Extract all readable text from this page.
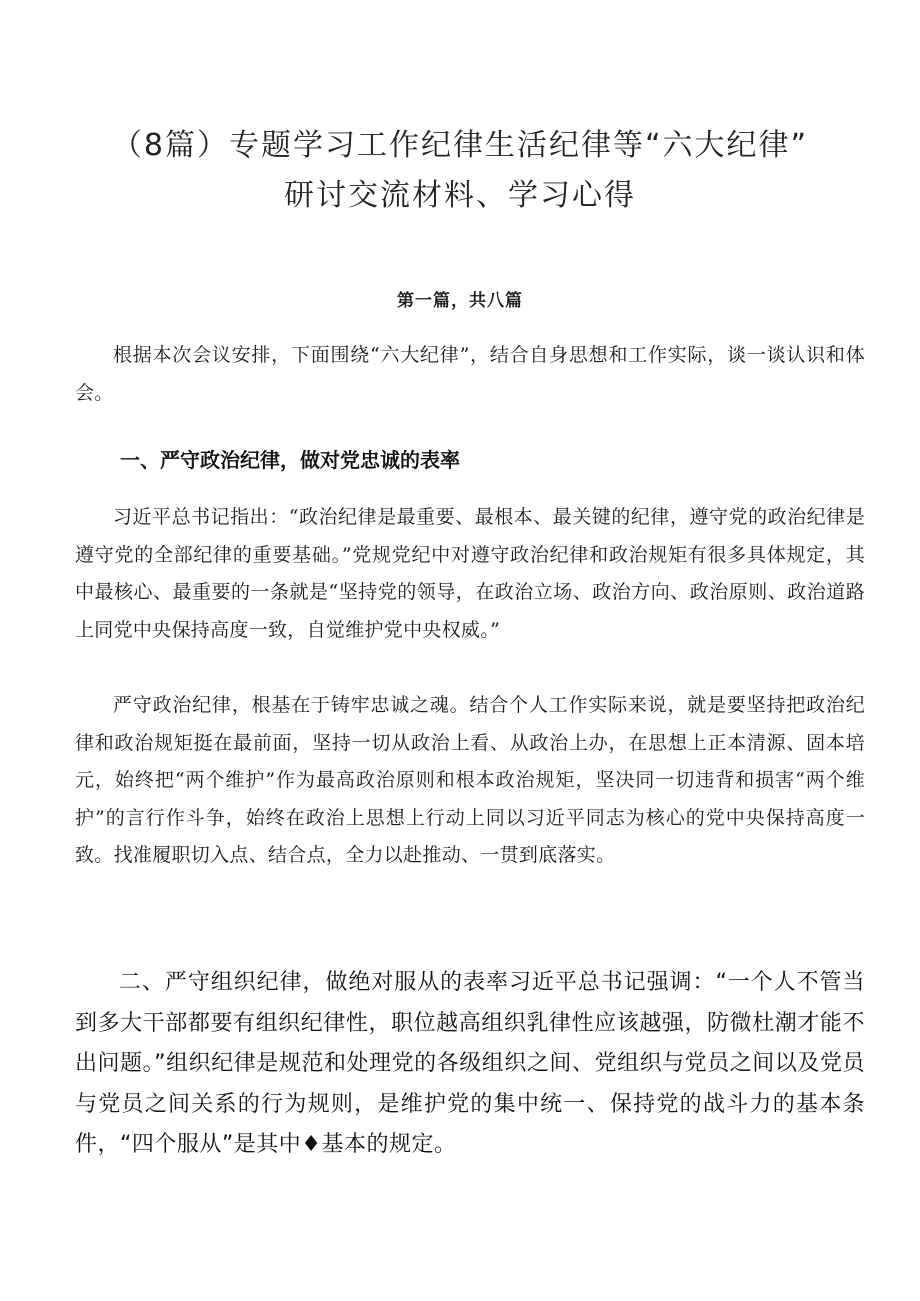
（8篇）专题学习工作纪律生活纪律等“六大纪律”
研讨交流材料、学习心得
第一篇，共八篇

根据本次会议安排，下面围绕“六大纪律”，结合自身思想和工作实际，谈一谈认识和体会。

一、严守政治纪律，做对党忠诚的表率

习近平总书记指出：“政治纪律是最重要、最根本、最关键的纪律，遵守党的政治纪律是遵守党的全部纪律的重要基础。”党规党纪中对遵守政治纪律和政治规矩有很多具体规定，其中最核心、最重要的一条就是“坚持党的领导，在政治立场、政治方向、政治原则、政治道路上同党中央保持高度一致，自觉维护党中央权威。”

严守政治纪律，根基在于铸牢忠诚之魂。结合个人工作实际来说，就是要坚持把政治纪律和政治规矩挺在最前面，坚持一切从政治上看、从政治上办，在思想上正本清源、固本培元，始终把“两个维护”作为最高政治原则和根本政治规矩，坚决同一切违背和损害“两个维护”的言行作斗争，始终在政治上思想上行动上同以习近平同志为核心的党中央保持高度一致。找准履职切入点、结合点，全力以赴推动、一贯到底落实。

二、严守组织纪律，做绝对服从的表率习近平总书记强调：“一个人不管当到多大干部都要有组织纪律性，职位越高组织乳律性应该越强，防微杜潮才能不出问题。”组织纪律是规范和处理党的各级组织之间、党组织与党员之间以及党员与党员之间关系的行为规则，是维护党的集中统一、保持党的战斗力的基本条件，“四个服从”是其中♦基本的规定。
